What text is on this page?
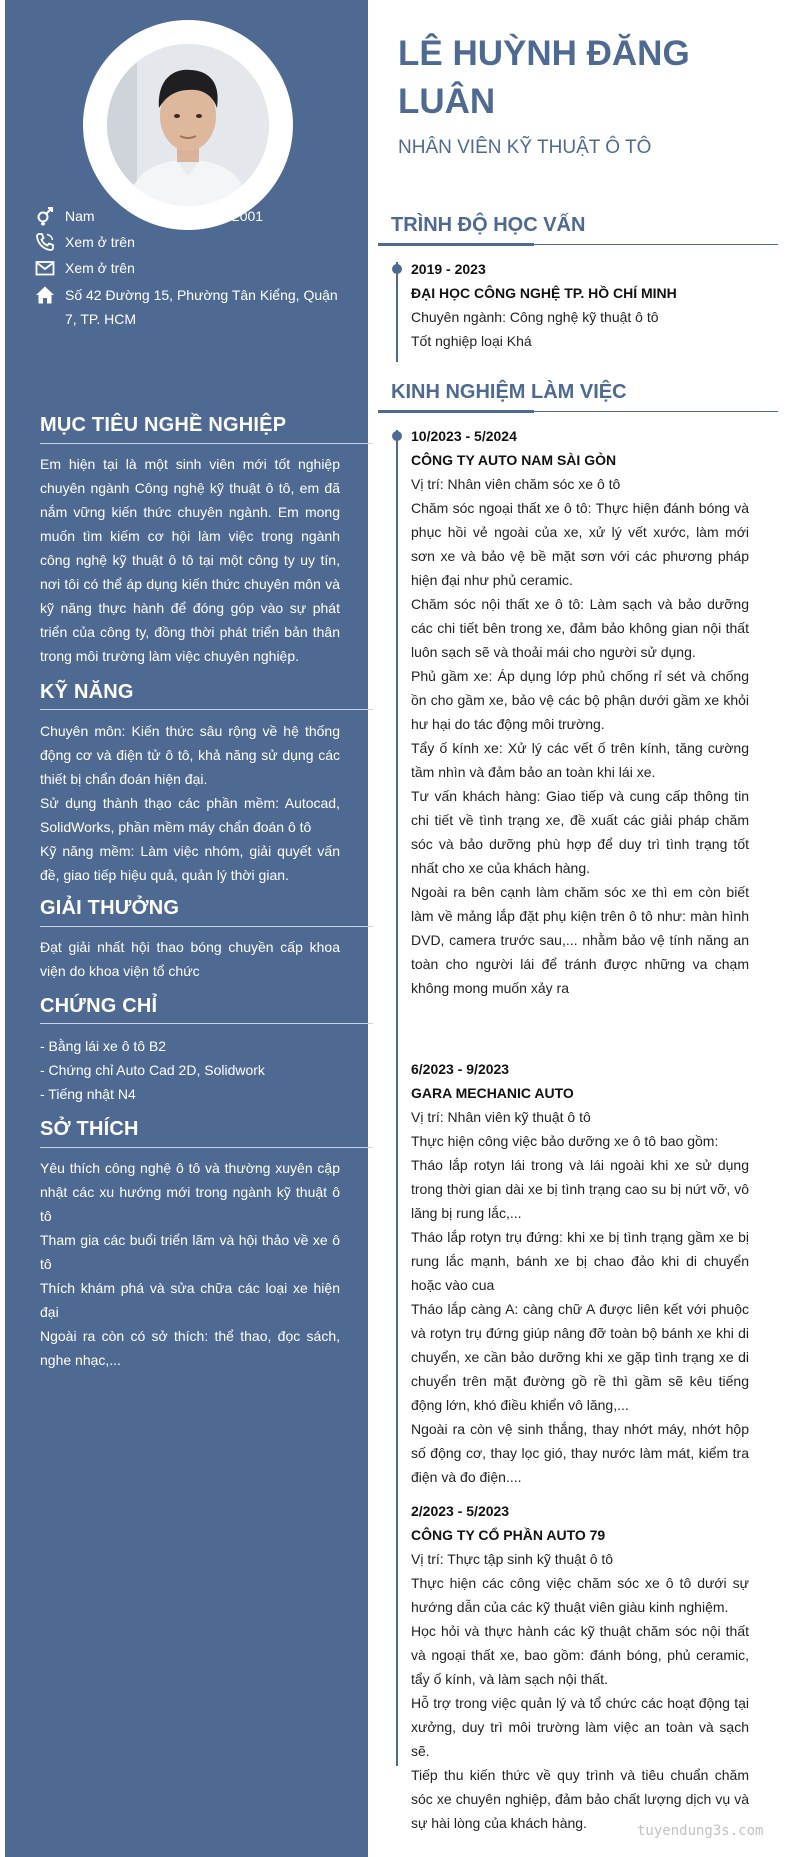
Nam	25/05/2001
Xem ở trên
Xem ở trên
Số 42 Đường 15, Phường Tân Kiểng, Quận 7, TP. HCM
MỤC TIÊU NGHỀ NGHIỆP

Em hiện tại là một sinh viên mới tốt nghiệp chuyên ngành Công nghệ kỹ thuật ô tô, em đã nắm vững kiến thức chuyên ngành. Em mong muốn tìm kiếm cơ hội làm việc trong ngành công nghệ kỹ thuật ô tô tại một công ty uy tín, nơi tôi có thể áp dụng kiến thức chuyên môn và kỹ năng thực hành để đóng góp vào sự phát triển của công ty, đồng thời phát triển bản thân trong môi trường làm việc chuyên nghiệp.

KỸ NĂNG

Chuyên môn: Kiến thức sâu rộng về hệ thống động cơ và điện tử ô tô, khả năng sử dụng các thiết bị chẩn đoán hiện đại.

Sử dụng thành thạo các phần mềm: Autocad, SolidWorks, phần mềm máy chẩn đoán ô tô

Kỹ năng mềm: Làm việc nhóm, giải quyết vấn đề, giao tiếp hiệu quả, quản lý thời gian.

GIẢI THƯỞNG

Đạt giải nhất hội thao bóng chuyền cấp khoa viện do khoa viện tổ chức

CHỨNG CHỈ

- Bằng lái xe ô tô B2

- Chứng chỉ Auto Cad 2D, Solidwork

- Tiếng nhật N4

SỞ THÍCH

Yêu thích công nghệ ô tô và thường xuyên cập nhật các xu hướng mới trong ngành kỹ thuật ô tô

Tham gia các buổi triển lãm và hội thảo về xe ô tô

Thích khám phá và sửa chữa các loại xe hiện đại

Ngoài ra còn có sở thích: thể thao, đọc sách, nghe nhạc,...

LÊ HUỲNH ĐĂNG LUÂN
NHÂN VIÊN KỸ THUẬT Ô TÔ
TRÌNH ĐỘ HỌC VẤN
2019 - 2023
ĐẠI HỌC CÔNG NGHỆ TP. HỒ CHÍ MINH
Chuyên ngành: Công nghệ kỹ thuật ô tô
Tốt nghiệp loại Khá
KINH NGHIỆM LÀM VIỆC
10/2023 - 5/2024
CÔNG TY AUTO NAM SÀI GÒN
Vị trí: Nhân viên chăm sóc xe ô tô
Chăm sóc ngoại thất xe ô tô: Thực hiện đánh bóng và phục hồi vẻ ngoài của xe, xử lý vết xước, làm mới sơn xe và bảo vệ bề mặt sơn với các phương pháp hiện đại như phủ ceramic.
Chăm sóc nội thất xe ô tô: Làm sạch và bảo dưỡng các chi tiết bên trong xe, đảm bảo không gian nội thất luôn sạch sẽ và thoải mái cho người sử dụng.
Phủ gầm xe: Áp dụng lớp phủ chống rỉ sét và chống ồn cho gầm xe, bảo vệ các bộ phận dưới gầm xe khỏi hư hại do tác động môi trường.
Tẩy ố kính xe: Xử lý các vết ố trên kính, tăng cường tầm nhìn và đảm bảo an toàn khi lái xe.
Tư vấn khách hàng: Giao tiếp và cung cấp thông tin chi tiết về tình trạng xe, đề xuất các giải pháp chăm sóc và bảo dưỡng phù hợp để duy trì tình trạng tốt nhất cho xe của khách hàng.
Ngoài ra bên cạnh làm chăm sóc xe thì em còn biết làm về mảng lắp đặt phụ kiện trên ô tô như: màn hình DVD, camera trước sau,... nhằm bảo vệ tính năng an toàn cho người lái để tránh được những va chạm không mong muốn xảy ra
6/2023 - 9/2023
GARA MECHANIC AUTO
Vị trí: Nhân viên kỹ thuật ô tô
Thực hiện công việc bảo dưỡng xe ô tô bao gồm:
Tháo lắp rotyn lái trong và lái ngoài khi xe sử dụng trong thời gian dài xe bị tình trạng cao su bị nứt vỡ, vô lăng bị rung lắc,...
Tháo lắp rotyn trụ đứng: khi xe bị tình trạng gầm xe bị rung lắc mạnh, bánh xe bị chao đảo khi di chuyển hoặc vào cua
Tháo lắp càng A: càng chữ A được liên kết với phuộc và rotyn trụ đứng giúp nâng đỡ toàn bộ bánh xe khi di chuyển, xe cần bảo dưỡng khi xe gặp tình trạng xe di chuyển trên mặt đường gồ rề thì gầm sẽ kêu tiếng động lớn, khó điều khiển vô lăng,...
Ngoài ra còn vệ sinh thắng, thay nhớt máy, nhớt hộp số động cơ, thay lọc gió, thay nước làm mát, kiểm tra điện và đo điện....
2/2023 - 5/2023
CÔNG TY CỔ PHẦN AUTO 79
Vị trí: Thực tập sinh kỹ thuật ô tô
Thực hiện các công việc chăm sóc xe ô tô dưới sự hướng dẫn của các kỹ thuật viên giàu kinh nghiệm.
Học hỏi và thực hành các kỹ thuật chăm sóc nội thất và ngoại thất xe, bao gồm: đánh bóng, phủ ceramic, tẩy ố kính, và làm sạch nội thất.
Hỗ trợ trong việc quản lý và tổ chức các hoạt động tại xưởng, duy trì môi trường làm việc an toàn và sạch sẽ.
Tiếp thu kiến thức về quy trình và tiêu chuẩn chăm sóc xe chuyên nghiệp, đảm bảo chất lượng dịch vụ và sự hài lòng của khách hàng.	tuyendung3s.com
